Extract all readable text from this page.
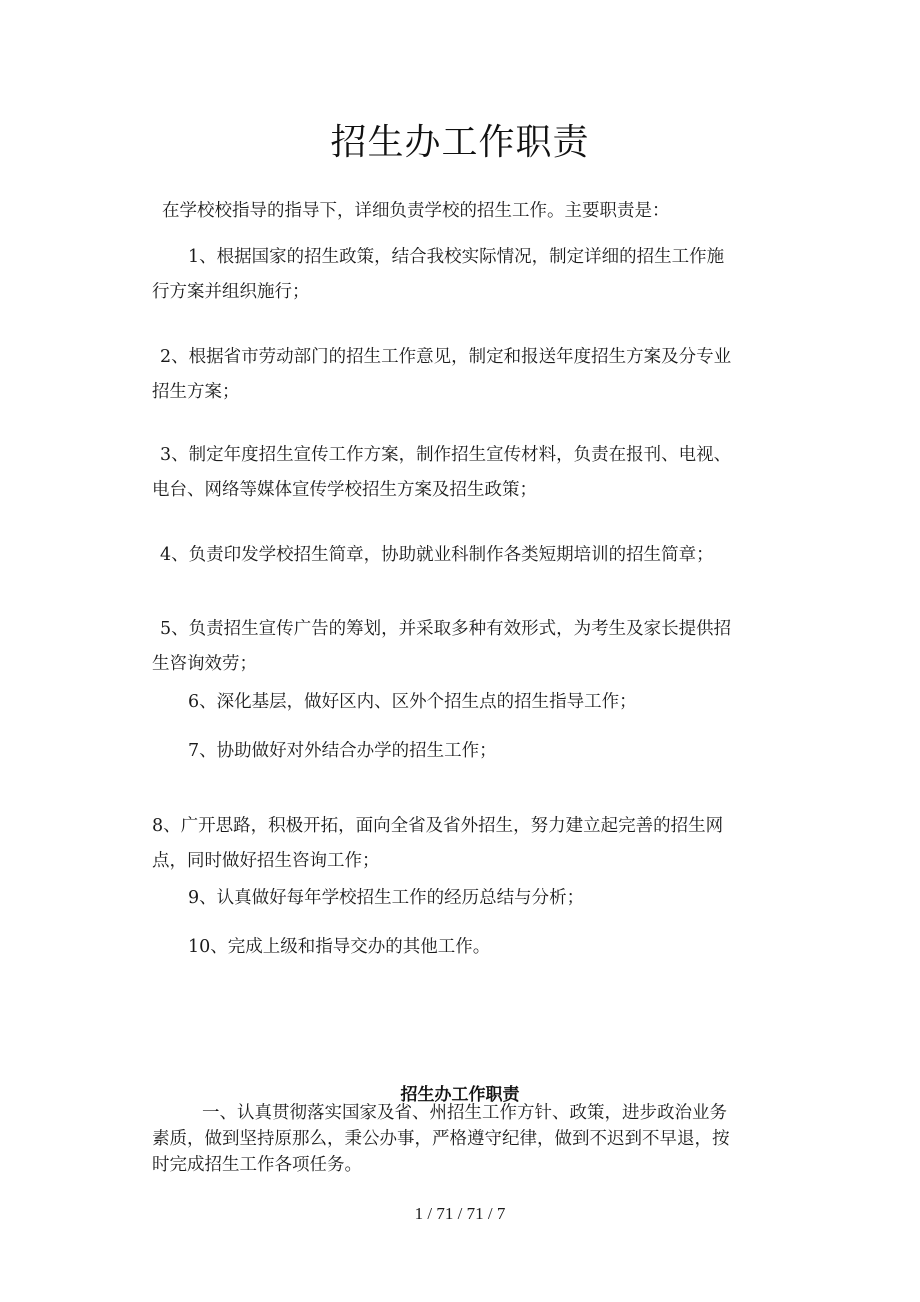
招生办工作职责
在学校校指导的指导下，详细负责学校的招生工作。主要职责是：
1、根据国家的招生政策，结合我校实际情况，制定详细的招生工作施
行方案并组织施行；
2、根据省市劳动部门的招生工作意见，制定和报送年度招生方案及分专业
招生方案；
3、制定年度招生宣传工作方案，制作招生宣传材料，负责在报刊、电视、
电台、网络等媒体宣传学校招生方案及招生政策；
4、负责印发学校招生简章，协助就业科制作各类短期培训的招生简章；
5、负责招生宣传广告的筹划，并采取多种有效形式，为考生及家长提供招
生咨询效劳；
6、深化基层，做好区内、区外个招生点的招生指导工作；
7、协助做好对外结合办学的招生工作；
8、广开思路，积极开拓，面向全省及省外招生，努力建立起完善的招生网
点，同时做好招生咨询工作；
9、认真做好每年学校招生工作的经历总结与分析；
10、完成上级和指导交办的其他工作。
招生办工作职责
一、认真贯彻落实国家及省、州招生工作方针、政策，进步政治业务
素质，做到坚持原那么，秉公办事，严格遵守纪律，做到不迟到不早退，按
时完成招生工作各项任务。
1 / 71 / 71 / 7
